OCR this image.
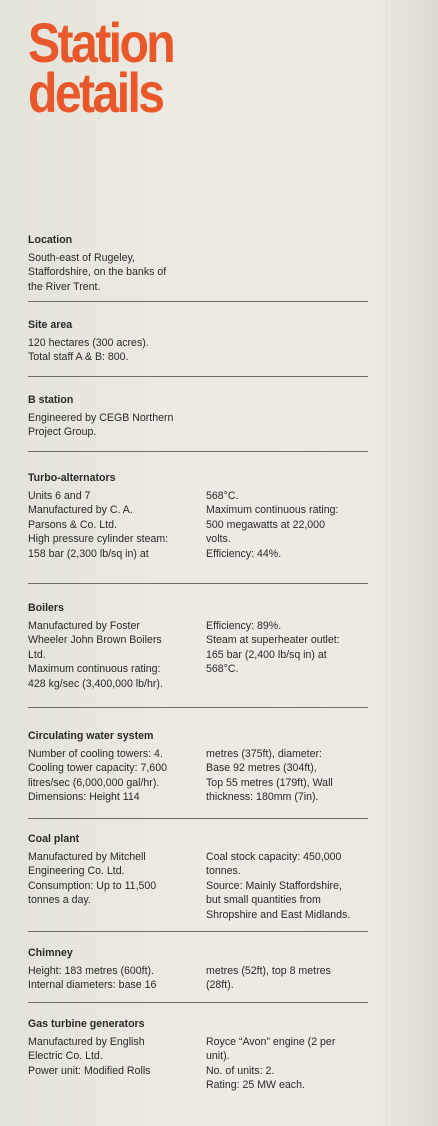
Station
details
Location

South-east of Rugeley,
Staffordshire, on the banks of
the River Trent.

Site area

120 hectares (300 acres).
Total staff A & B: 800.

B station

Engineered by CEGB Northern
Project Group.

Turbo-alternators
Units 6 and 7
Manufactured by C. A.
Parsons & Co. Ltd.
High pressure cylinder steam:
158 bar (2,300 lb/sq in) at
568°C.
Maximum continuous rating:
500 megawatts at 22,000
volts.
Efficiency: 44%.
Boilers
Manufactured by Foster
Wheeler John Brown Boilers
Ltd.
Maximum continuous rating:
428 kg/sec (3,400,000 lb/hr).
Efficiency: 89%.
Steam at superheater outlet:
165 bar (2,400 lb/sq in) at
568°C.
Circulating water system
Number of cooling towers: 4.
Cooling tower capacity: 7,600
litres/sec (6,000,000 gal/hr).
Dimensions: Height 114
metres (375ft), diameter:
Base 92 metres (304ft),
Top 55 metres (179ft), Wall
thickness: 180mm (7in).
Coal plant
Manufactured by Mitchell
Engineering Co. Ltd.
Consumption: Up to 11,500
tonnes a day.
Coal stock capacity: 450,000
tonnes.
Source: Mainly Staffordshire,
but small quantities from
Shropshire and East Midlands.
Chimney
Height: 183 metres (600ft).
Internal diameters: base 16
metres (52ft), top 8 metres
(28ft).
Gas turbine generators
Manufactured by English
Electric Co. Ltd.
Power unit: Modified Rolls
Royce “Avon” engine (2 per
unit).
No. of units: 2.
Rating: 25 MW each.
